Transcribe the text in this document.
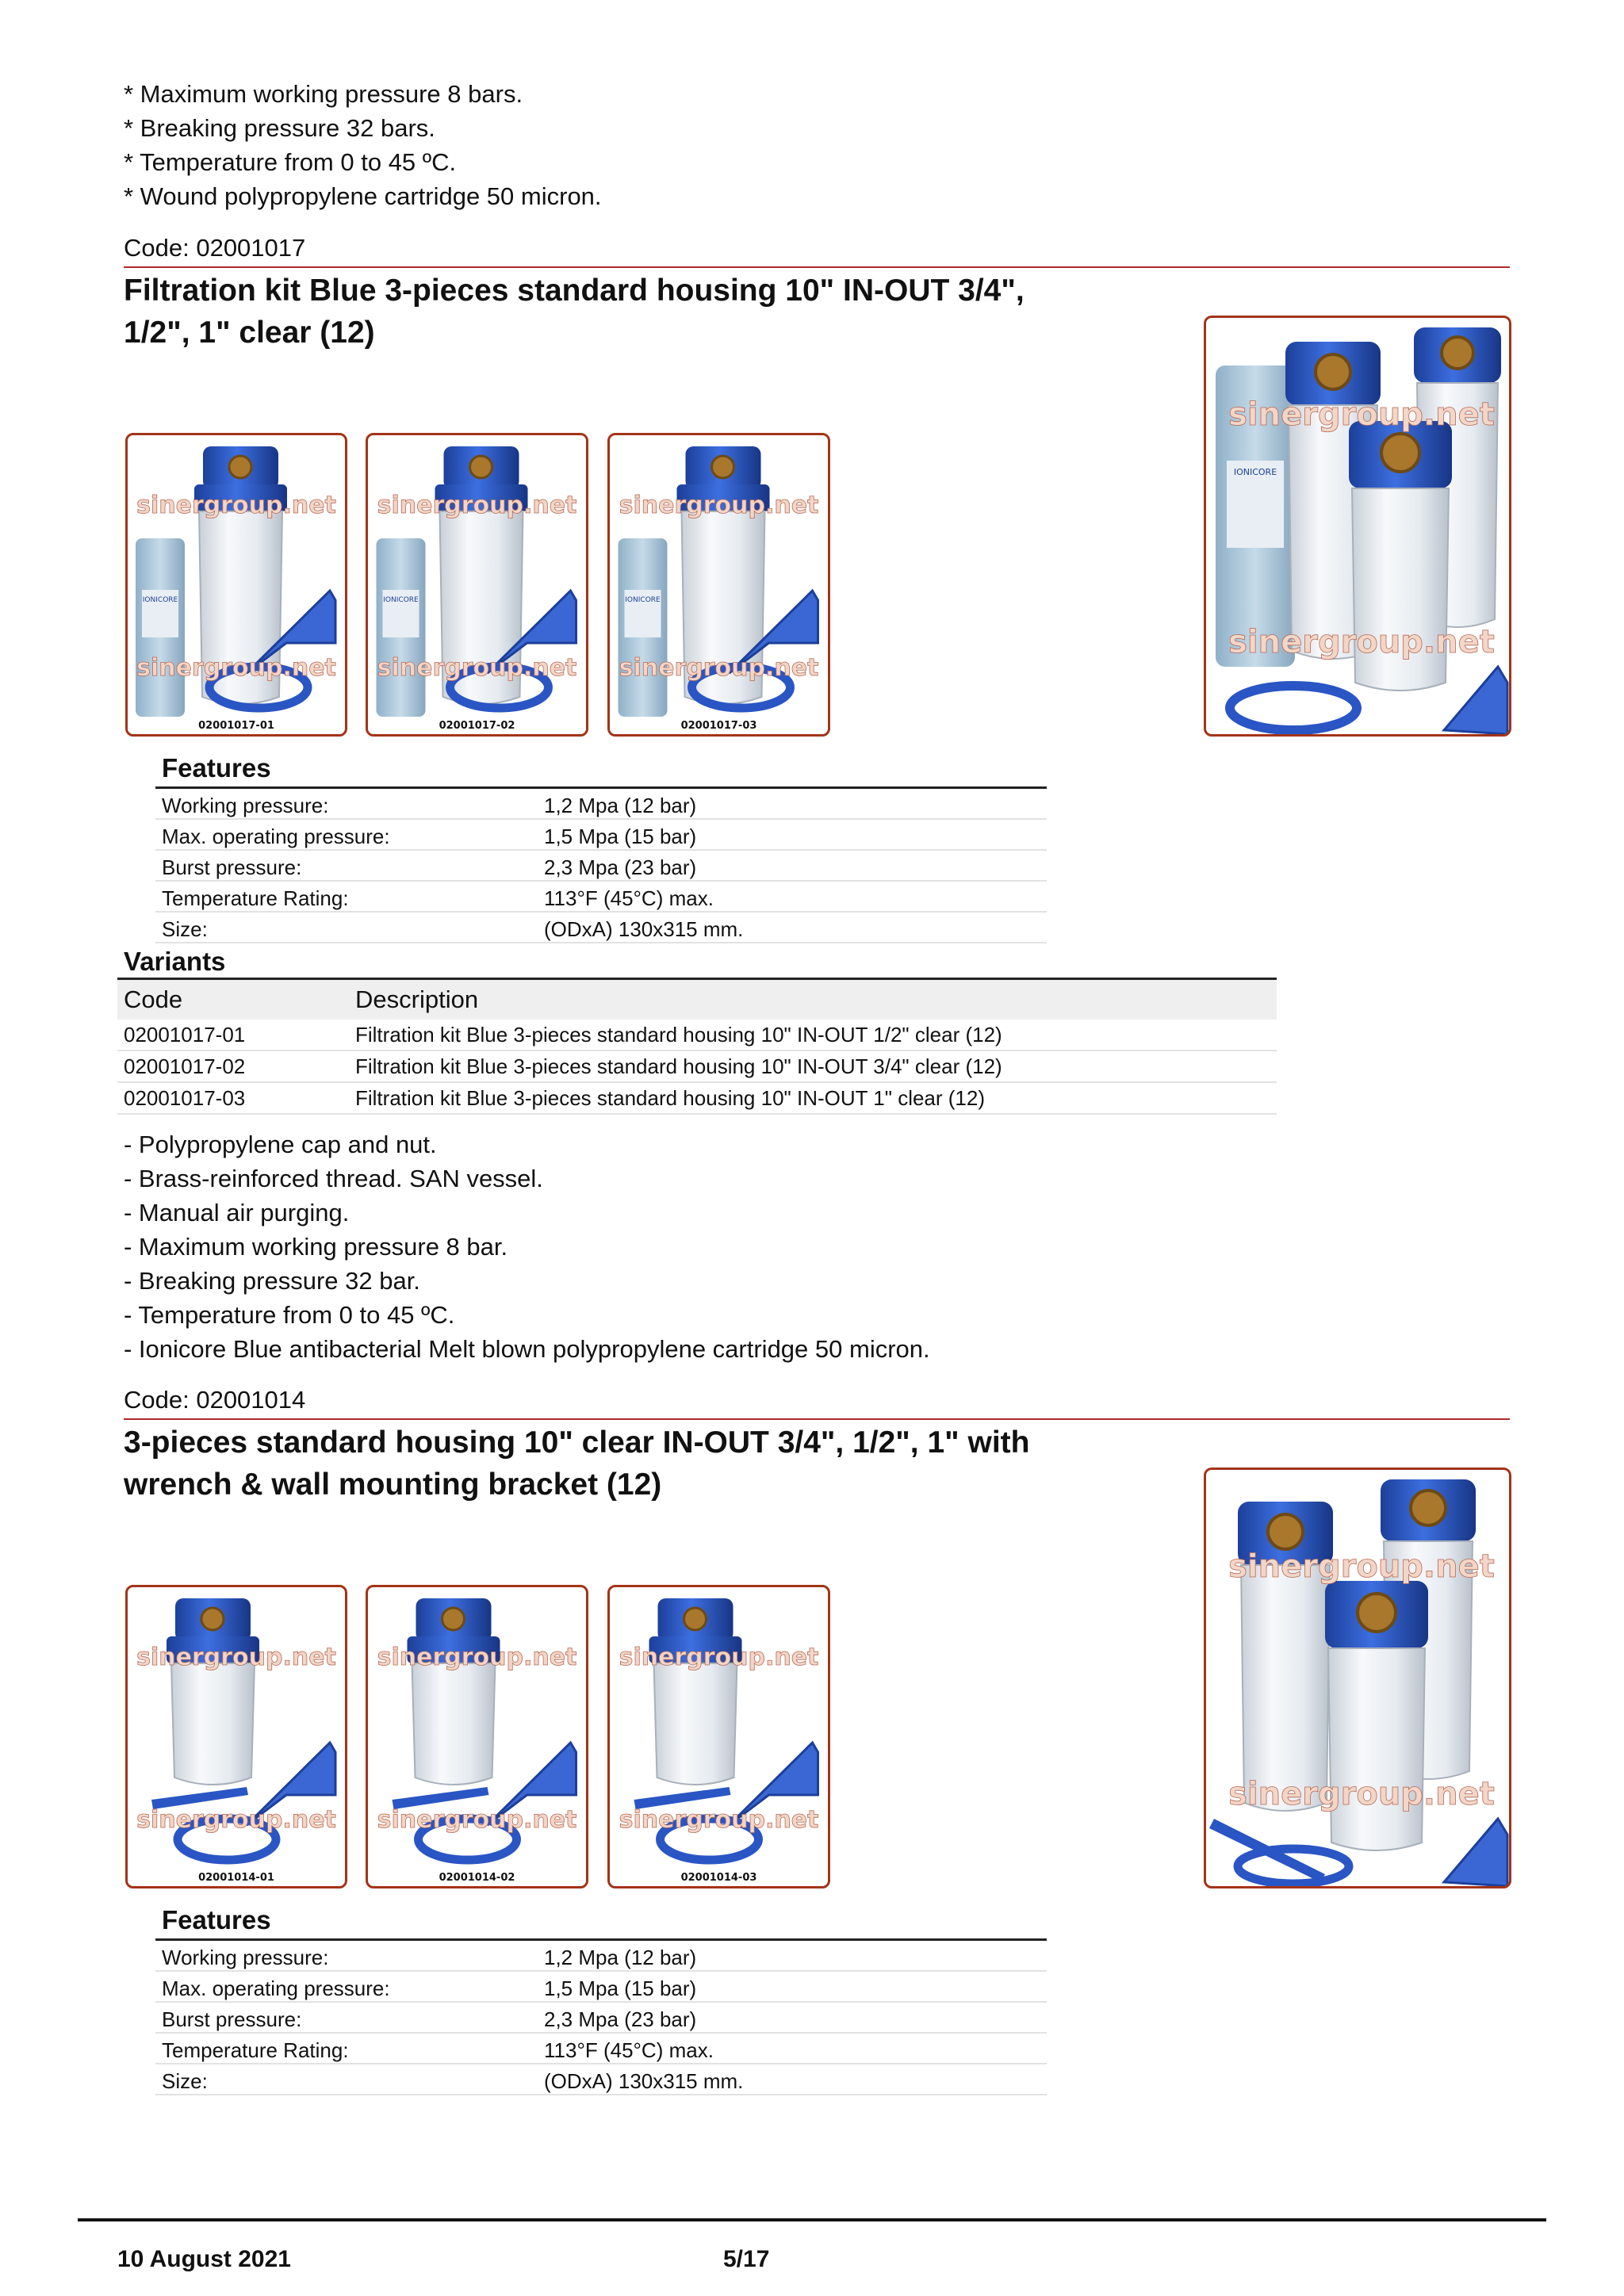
* Maximum working pressure 8 bars.
* Breaking pressure 32 bars.
* Temperature from 0 to 45 ºC.
* Wound polypropylene cartridge 50 micron.
Code: 02001017
Filtration kit Blue 3-pieces standard housing 10" IN-OUT 3/4",
1/2", 1" clear (12)
IONICORE
sinergroup.net
sinergroup.net
02001017-01
IONICORE
sinergroup.net
sinergroup.net
02001017-02
IONICORE
sinergroup.net
sinergroup.net
02001017-03
IONICORE
sinergroup.net
sinergroup.net
Features
Working pressure:	1,2 Mpa (12 bar)
Max. operating pressure:	1,5 Mpa (15 bar)
Burst pressure:	2,3 Mpa (23 bar)
Temperature Rating:	113°F (45°C) max.
Size:	(ODxA) 130x315 mm.
Variants
Code	Description
02001017-01	Filtration kit Blue 3-pieces standard housing 10" IN-OUT 1/2" clear (12)
02001017-02	Filtration kit Blue 3-pieces standard housing 10" IN-OUT 3/4" clear (12)
02001017-03	Filtration kit Blue 3-pieces standard housing 10" IN-OUT 1" clear (12)
- Polypropylene cap and nut.
- Brass-reinforced thread. SAN vessel.
- Manual air purging.
- Maximum working pressure 8 bar.
- Breaking pressure 32 bar.
- Temperature from 0 to 45 ºC.
- Ionicore Blue antibacterial Melt blown polypropylene cartridge 50 micron.
Code: 02001014
3-pieces standard housing 10" clear IN-OUT 3/4", 1/2", 1" with
wrench & wall mounting bracket (12)
sinergroup.net
sinergroup.net
02001014-01
sinergroup.net
sinergroup.net
02001014-02
sinergroup.net
sinergroup.net
02001014-03
sinergroup.net
sinergroup.net
Features
Working pressure:	1,2 Mpa (12 bar)
Max. operating pressure:	1,5 Mpa (15 bar)
Burst pressure:	2,3 Mpa (23 bar)
Temperature Rating:	113°F (45°C) max.
Size:	(ODxA) 130x315 mm.
10 August 2021	5/17
